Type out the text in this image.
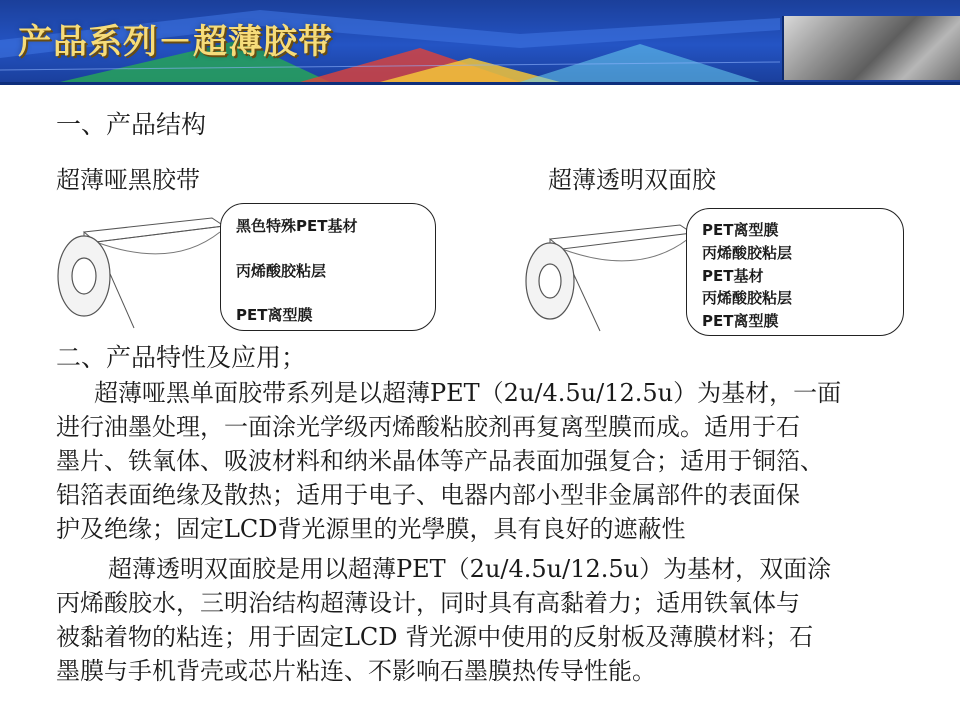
产品系列－超薄胶带
一、产品结构
超薄哑黑胶带	超薄透明双面胶
黑色特殊PET基材
丙烯酸胶粘层
PET离型膜
PET离型膜
丙烯酸胶粘层
PET基材
丙烯酸胶粘层
PET离型膜
二、产品特性及应用；
超薄哑黑单面胶带系列是以超薄PET（2u/4.5u/12.5u）为基材，一面
进行油墨处理，一面涂光学级丙烯酸粘胶剂再复离型膜而成。适用于石
墨片、铁氧体、吸波材料和纳米晶体等产品表面加强复合；适用于铜箔、
铝箔表面绝缘及散热；适用于电子、电器内部小型非金属部件的表面保
护及绝缘；固定LCD背光源里的光學膜，具有良好的遮蔽性
超薄透明双面胶是用以超薄PET（2u/4.5u/12.5u）为基材，双面涂
丙烯酸胶水，三明治结构超薄设计，同时具有高黏着力；适用铁氧体与
被黏着物的粘连；用于固定LCD 背光源中使用的反射板及薄膜材料；石
墨膜与手机背壳或芯片粘连、不影响石墨膜热传导性能。
